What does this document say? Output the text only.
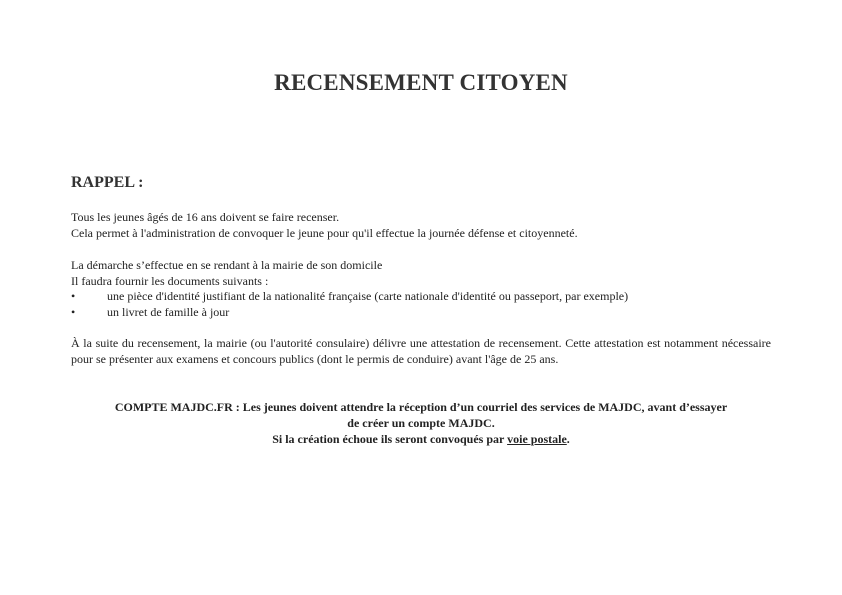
RECENSEMENT CITOYEN
RAPPEL :

Tous les jeunes âgés de 16 ans doivent se faire recenser.

Cela permet à l'administration de convoquer le jeune pour qu'il effectue la journée défense et citoyenneté.

La démarche s’effectue en se rendant à la mairie de son domicile

Il faudra fournir les documents suivants :

•	une pièce d'identité justifiant de la nationalité française (carte nationale d'identité ou passeport, par exemple)
•	un livret de famille à jour

À la suite du recensement, la mairie (ou l'autorité consulaire) délivre une attestation de recensement. Cette attestation est notamment nécessaire pour se présenter aux examens et concours publics (dont le permis de conduire) avant l'âge de 25 ans.

COMPTE MAJDC.FR : Les jeunes doivent attendre la réception d’un courriel des services de MAJDC, avant d’essayer

de créer un compte MAJDC.

Si la création échoue ils seront convoqués par voie postale.
